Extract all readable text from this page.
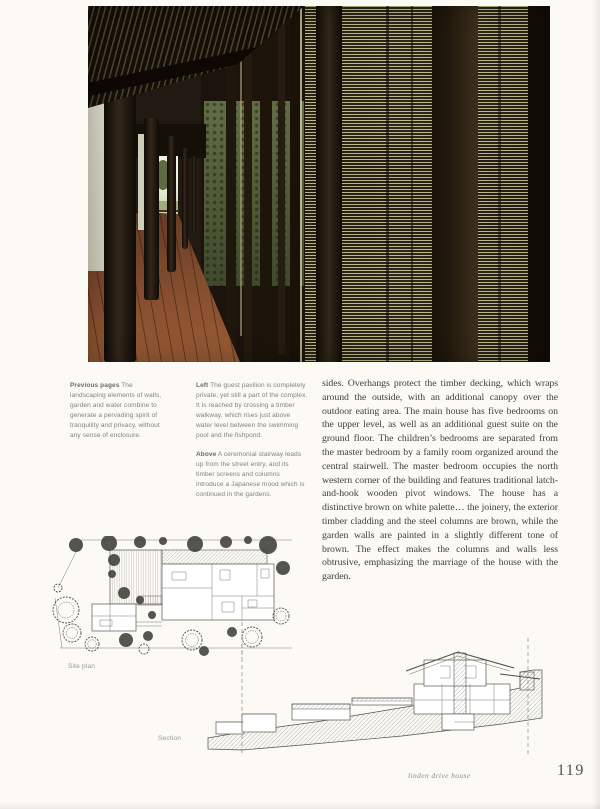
Previous pages The landscaping elements of walls, garden and water combine to generate a pervading spirit of tranquility and privacy, without any sense of enclosure.

Left The guest pavilion is completely private, yet still a part of the complex. It is reached by crossing a timber walkway, which rises just above water level between the swimming pool and the fishpond.

Above A ceremonial stairway leads up from the street entry, and its timber screens and columns introduce a Japanese mood which is continued in the gardens.

sides. Overhangs protect the timber decking, which wraps around the outside, with an additional canopy over the outdoor eating area. The main house has five bedrooms on the upper level, as well as an additional guest suite on the ground floor. The children’s bedrooms are separated from the master bedroom by a family room organized around the central stairwell. The master bedroom occupies the north western corner of the building and features traditional latch-and-hook wooden pivot windows. The house has a distinctive brown on white palette… the joinery, the exterior timber cladding and the steel columns are brown, while the garden walls are painted in a slightly different tone of brown. The effect makes the columns and walls less obtrusive, emphasizing the marriage of the house with the garden.
Site plan
Section
linden drive house	119
